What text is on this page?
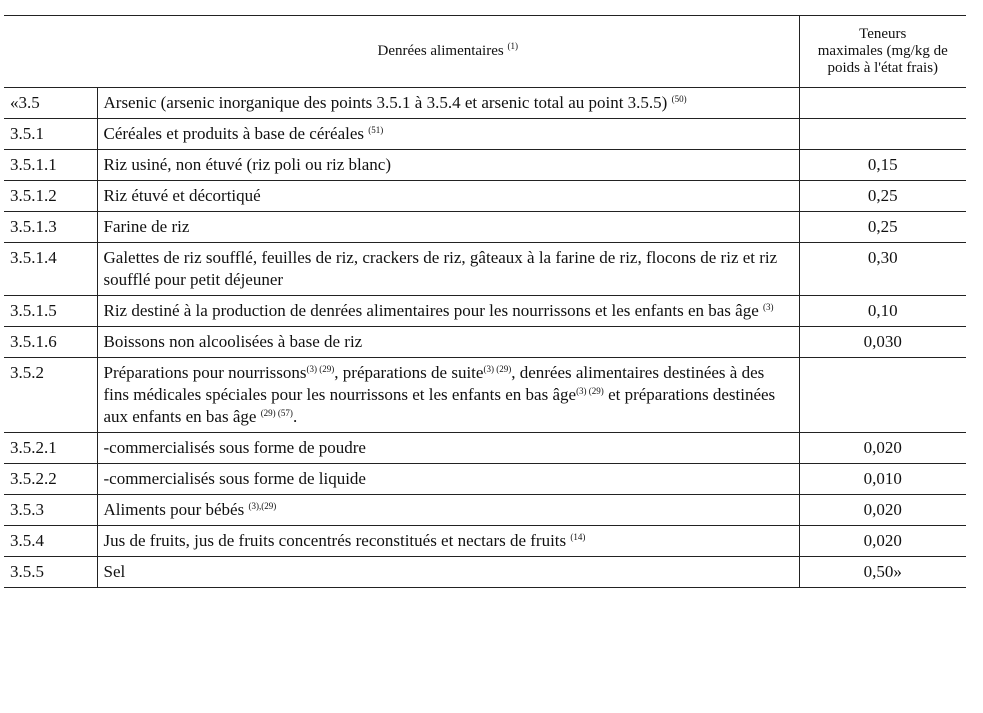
	Denrées alimentaires $^{(1)}$	Teneurs
maximales (mg/kg de
poids à l'état frais)
«3.5	Arsenic (arsenic inorganique des points 3.5.1 à 3.5.4 et arsenic total au point 3.5.5) $^{(50)}$	
3.5.1	Céréales et produits à base de céréales $^{(51)}$	
3.5.1.1	Riz usiné, non étuvé (riz poli ou riz blanc)	0,15
3.5.1.2	Riz étuvé et décortiqué	0,25
3.5.1.3	Farine de riz	0,25
3.5.1.4	Galettes de riz soufflé, feuilles de riz, crackers de riz, gâteaux à la farine de riz, flocons de riz et riz soufflé pour petit déjeuner	0,30
3.5.1.5	Riz destiné à la production de denrées alimentaires pour les nourrissons et les enfants en bas âge $^{(3)}$	0,10
3.5.1.6	Boissons non alcoolisées à base de riz	0,030
3.5.2	Préparations pour nourrissons$^{(3) (29)}$, préparations de suite$^{(3) (29)}$, denrées alimentaires destinées à des fins médicales spéciales pour les nourrissons et les enfants en bas âge$^{(3) (29)}$ et préparations destinées aux enfants en bas âge $^{(29) (57)}$.	
3.5.2.1	-commercialisés sous forme de poudre	0,020
3.5.2.2	-commercialisés sous forme de liquide	0,010
3.5.3	Aliments pour bébés $^{(3),(29)}$	0,020
3.5.4	Jus de fruits, jus de fruits concentrés reconstitués et nectars de fruits $^{(14)}$	0,020
3.5.5	Sel	0,50»
